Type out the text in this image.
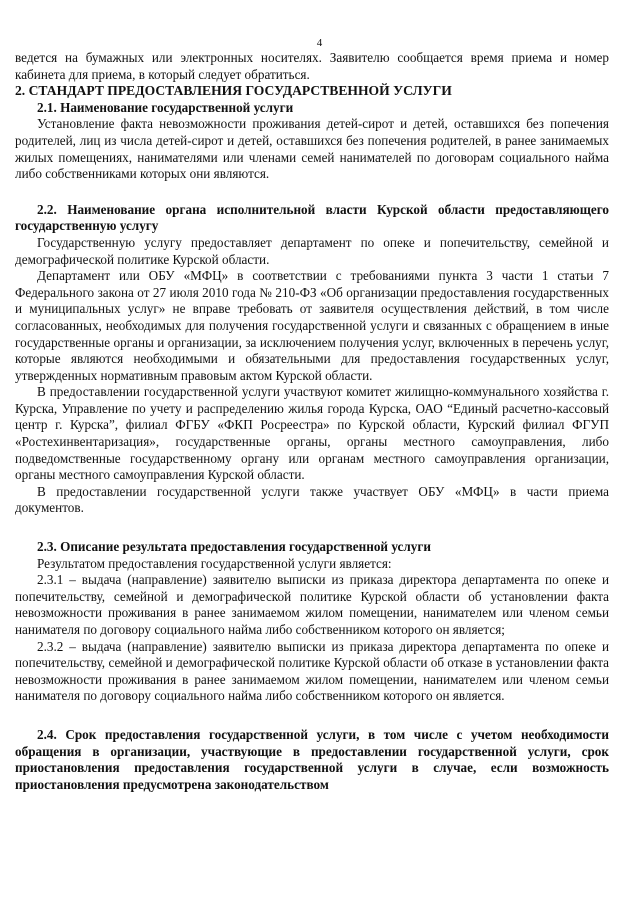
4

ведется на бумажных или электронных носителях. Заявителю сообщается время приема и номер кабинета для приема, в который следует обратиться.

2. СТАНДАРТ ПРЕДОСТАВЛЕНИЯ ГОСУДАРСТВЕННОЙ УСЛУГИ

2.1. Наименование государственной услуги

Установление факта невозможности проживания детей-сирот и детей, оставшихся без попечения родителей, лиц из числа детей-сирот и детей, оставшихся без попечения родителей, в ранее занимаемых жилых помещениях, нанимателями или членами семей нанимателей по договорам социального найма либо собственниками которых они являются.

2.2. Наименование органа исполнительной власти Курской области предоставляющего государственную услугу

Государственную услугу предоставляет департамент по опеке и попечительству, семейной и демографической политике Курской области.

Департамент или ОБУ «МФЦ» в соответствии с требованиями пункта 3 части 1 статьи 7 Федерального закона от 27 июля 2010 года № 210-ФЗ «Об организации предоставления государственных и муниципальных услуг» не вправе требовать от заявителя осуществления действий, в том числе согласованных, необходимых для получения государственной услуги и связанных с обращением в иные государственные органы и организации, за исключением получения услуг, включенных в перечень услуг, которые являются необходимыми и обязательными для предоставления государственных услуг, утвержденных нормативным правовым актом Курской области.

В предоставлении государственной услуги участвуют комитет жилищно-коммунального хозяйства г. Курска, Управление по учету и распределению жилья города Курска, ОАО “Единый расчетно-кассовый центр г. Курска”, филиал ФГБУ «ФКП Росреестра» по Курской области, Курский филиал ФГУП «Ростехинвентаризация», государственные органы, органы местного самоуправления, либо подведомственные государственному органу или органам местного самоуправления организации, органы местного самоуправления Курской области.

В предоставлении государственной услуги также участвует ОБУ «МФЦ» в части приема документов.

2.3. Описание результата предоставления государственной услуги

Результатом предоставления государственной услуги является:

2.3.1 – выдача (направление) заявителю выписки из приказа директора департамента по опеке и попечительству, семейной и демографической политике Курской области об установлении факта невозможности проживания в ранее занимаемом жилом помещении, нанимателем или членом семьи нанимателя по договору социального найма либо собственником которого он является;

2.3.2 – выдача (направление) заявителю выписки из приказа директора департамента по опеке и попечительству, семейной и демографической политике Курской области об отказе в установлении факта невозможности проживания в ранее занимаемом жилом помещении, нанимателем или членом семьи нанимателя по договору социального найма либо собственником которого он является.

2.4. Срок предоставления государственной услуги, в том числе с учетом необходимости обращения в организации, участвующие в предоставлении государственной услуги, срок приостановления предоставления государственной услуги в случае, если возможность приостановления предусмотрена законодательством
